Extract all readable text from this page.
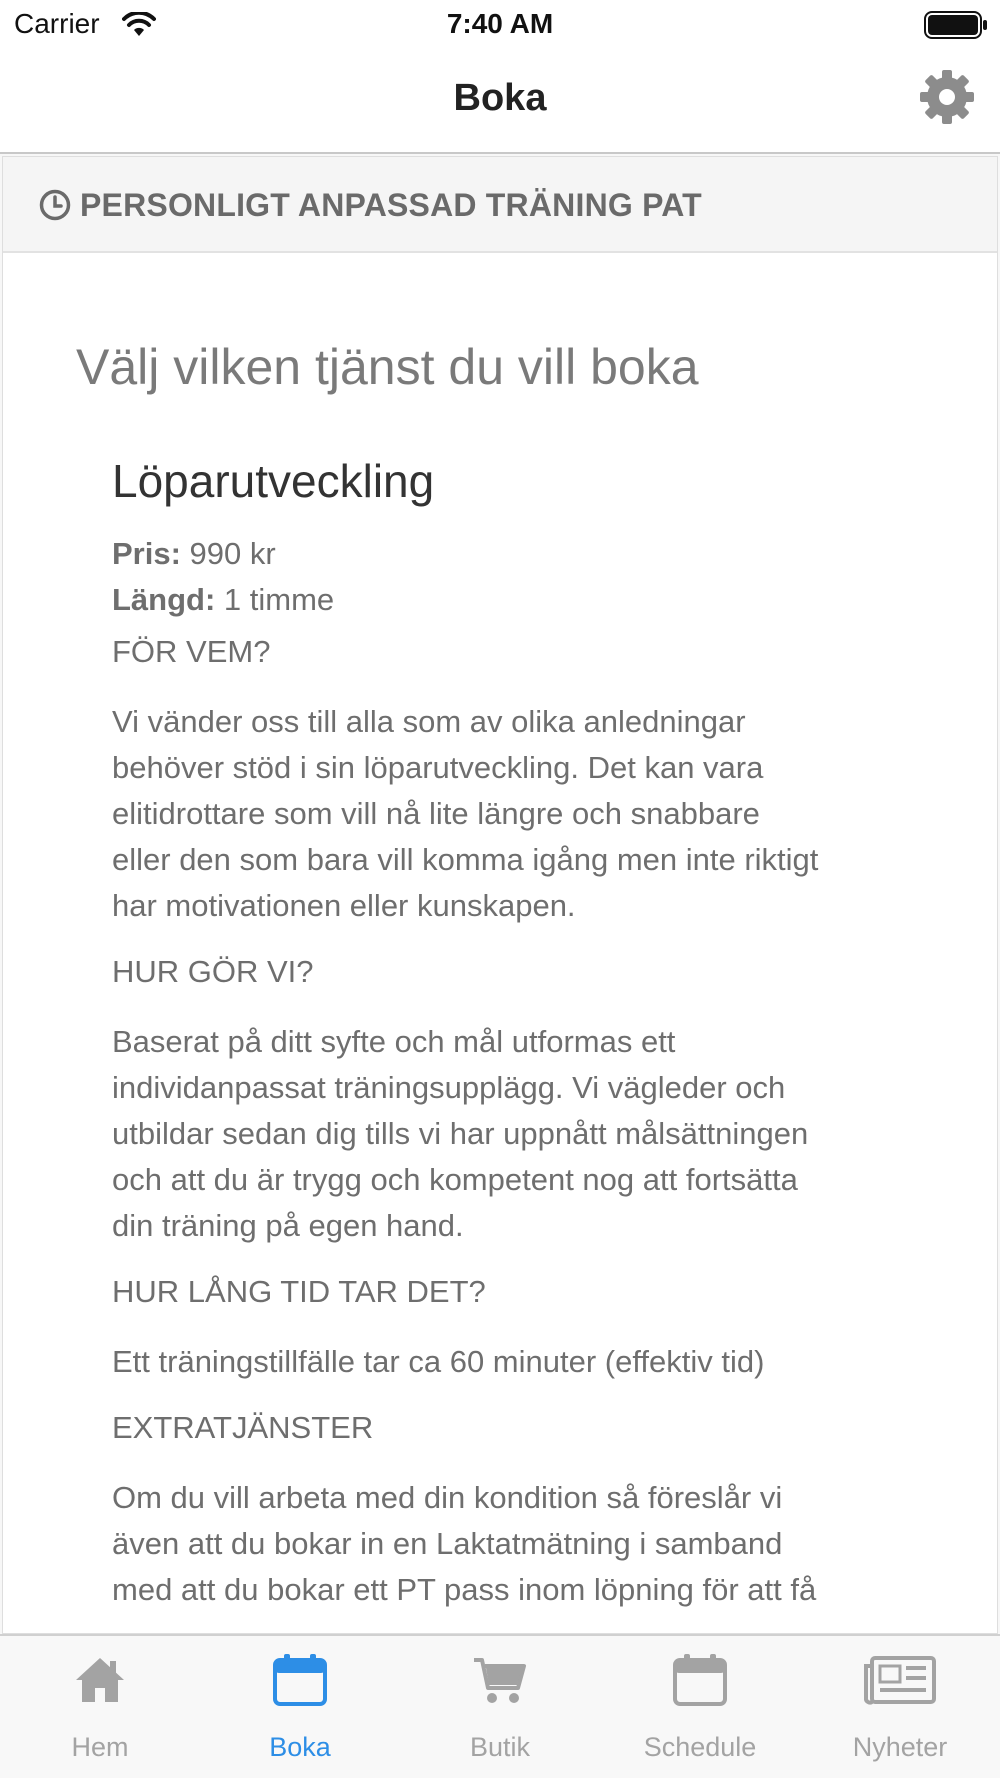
Carrier	7:40 AM
Boka
PERSONLIGT ANPASSAD TRÄNING PAT
Välj vilken tjänst du vill boka
Löparutveckling
Pris: 990 kr
Längd: 1 timme
FÖR VEM?

Vi vänder oss till alla som av olika anledningar
behöver stöd i sin löparutveckling. Det kan vara
elitidrottare som vill nå lite längre och snabbare
eller den som bara vill komma igång men inte riktigt
har motivationen eller kunskapen.

HUR GÖR VI?

Baserat på ditt syfte och mål utformas ett
individanpassat träningsupplägg. Vi vägleder och
utbildar sedan dig tills vi har uppnått målsättningen
och att du är trygg och kompetent nog att fortsätta
din träning på egen hand.

HUR LÅNG TID TAR DET?

Ett träningstillfälle tar ca 60 minuter (effektiv tid)

EXTRATJÄNSTER

Om du vill arbeta med din kondition så föreslår vi
även att du bokar in en Laktatmätning i samband
med att du bokar ett PT pass inom löpning för att få

Hem	Boka	Butik	Schedule	Nyheter
